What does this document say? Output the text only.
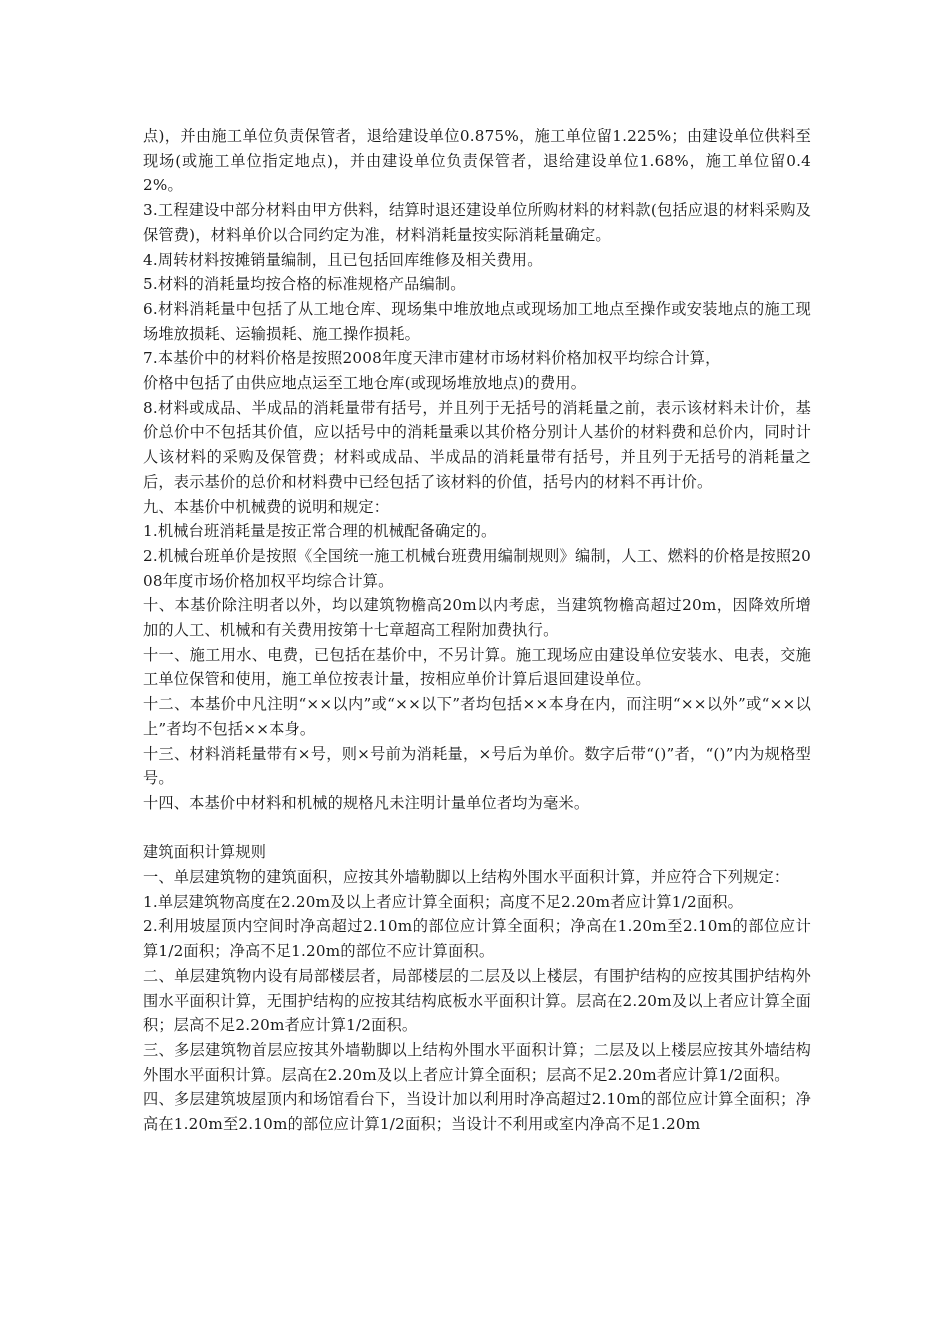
点)，并由施工单位负责保管者，退给建设单位0.875%，施工单位留1.225%；由建设单位供料至现场(或施工单位指定地点)，并由建设单位负责保管者，退给建设单位1.68%，施工单位留0.42%。

3.工程建设中部分材料由甲方供料，结算时退还建设单位所购材料的材料款(包括应退的材料采购及保管费)，材料单价以合同约定为准，材料消耗量按实际消耗量确定。

4.周转材料按摊销量编制，且已包括回库维修及相关费用。

5.材料的消耗量均按合格的标准规格产品编制。

6.材料消耗量中包括了从工地仓库、现场集中堆放地点或现场加工地点至操作或安装地点的施工现场堆放损耗、运输损耗、施工操作损耗。

7.本基价中的材料价格是按照2008年度天津市建材市场材料价格加权平均综合计算，

价格中包括了由供应地点运至工地仓库(或现场堆放地点)的费用。

8.材料或成品、半成品的消耗量带有括号，并且列于无括号的消耗量之前，表示该材料未计价，基价总价中不包括其价值，应以括号中的消耗量乘以其价格分别计人基价的材料费和总价内，同时计人该材料的采购及保管费；材料或成品、半成品的消耗量带有括号，并且列于无括号的消耗量之后，表示基价的总价和材料费中已经包括了该材料的价值，括号内的材料不再计价。

九、本基价中机械费的说明和规定：

1.机械台班消耗量是按正常合理的机械配备确定的。

2.机械台班单价是按照《全国统一施工机械台班费用编制规则》编制，人工、燃料的价格是按照2008年度市场价格加权平均综合计算。

十、本基价除注明者以外，均以建筑物檐高20m以内考虑，当建筑物檐高超过20m，因降效所增加的人工、机械和有关费用按第十七章超高工程附加费执行。

十一、施工用水、电费，已包括在基价中，不另计算。施工现场应由建设单位安装水、电表，交施工单位保管和使用，施工单位按表计量，按相应单价计算后退回建设单位。

十二、本基价中凡注明“××以内”或“××以下”者均包括××本身在内，而注明“××以外”或“××以上”者均不包括××本身。

十三、材料消耗量带有×号，则×号前为消耗量，×号后为单价。数字后带“()”者，“()”内为规格型号。

十四、本基价中材料和机械的规格凡未注明计量单位者均为毫米。

建筑面积计算规则

一、单层建筑物的建筑面积，应按其外墙勒脚以上结构外围水平面积计算，并应符合下列规定：

1.单层建筑物高度在2.20m及以上者应计算全面积；高度不足2.20m者应计算1/2面积。

2.利用坡屋顶内空间时净高超过2.10m的部位应计算全面积；净高在1.20m至2.10m的部位应计算1/2面积；净高不足1.20m的部位不应计算面积。

二、单层建筑物内设有局部楼层者，局部楼层的二层及以上楼层，有围护结构的应按其围护结构外围水平面积计算，无围护结构的应按其结构底板水平面积计算。层高在2.20m及以上者应计算全面积；层高不足2.20m者应计算1/2面积。

三、多层建筑物首层应按其外墙勒脚以上结构外围水平面积计算；二层及以上楼层应按其外墙结构外围水平面积计算。层高在2.20m及以上者应计算全面积；层高不足2.20m者应计算1/2面积。

四、多层建筑坡屋顶内和场馆看台下，当设计加以利用时净高超过2.10m的部位应计算全面积；净高在1.20m至2.10m的部位应计算1/2面积；当设计不利用或室内净高不足1.20m
